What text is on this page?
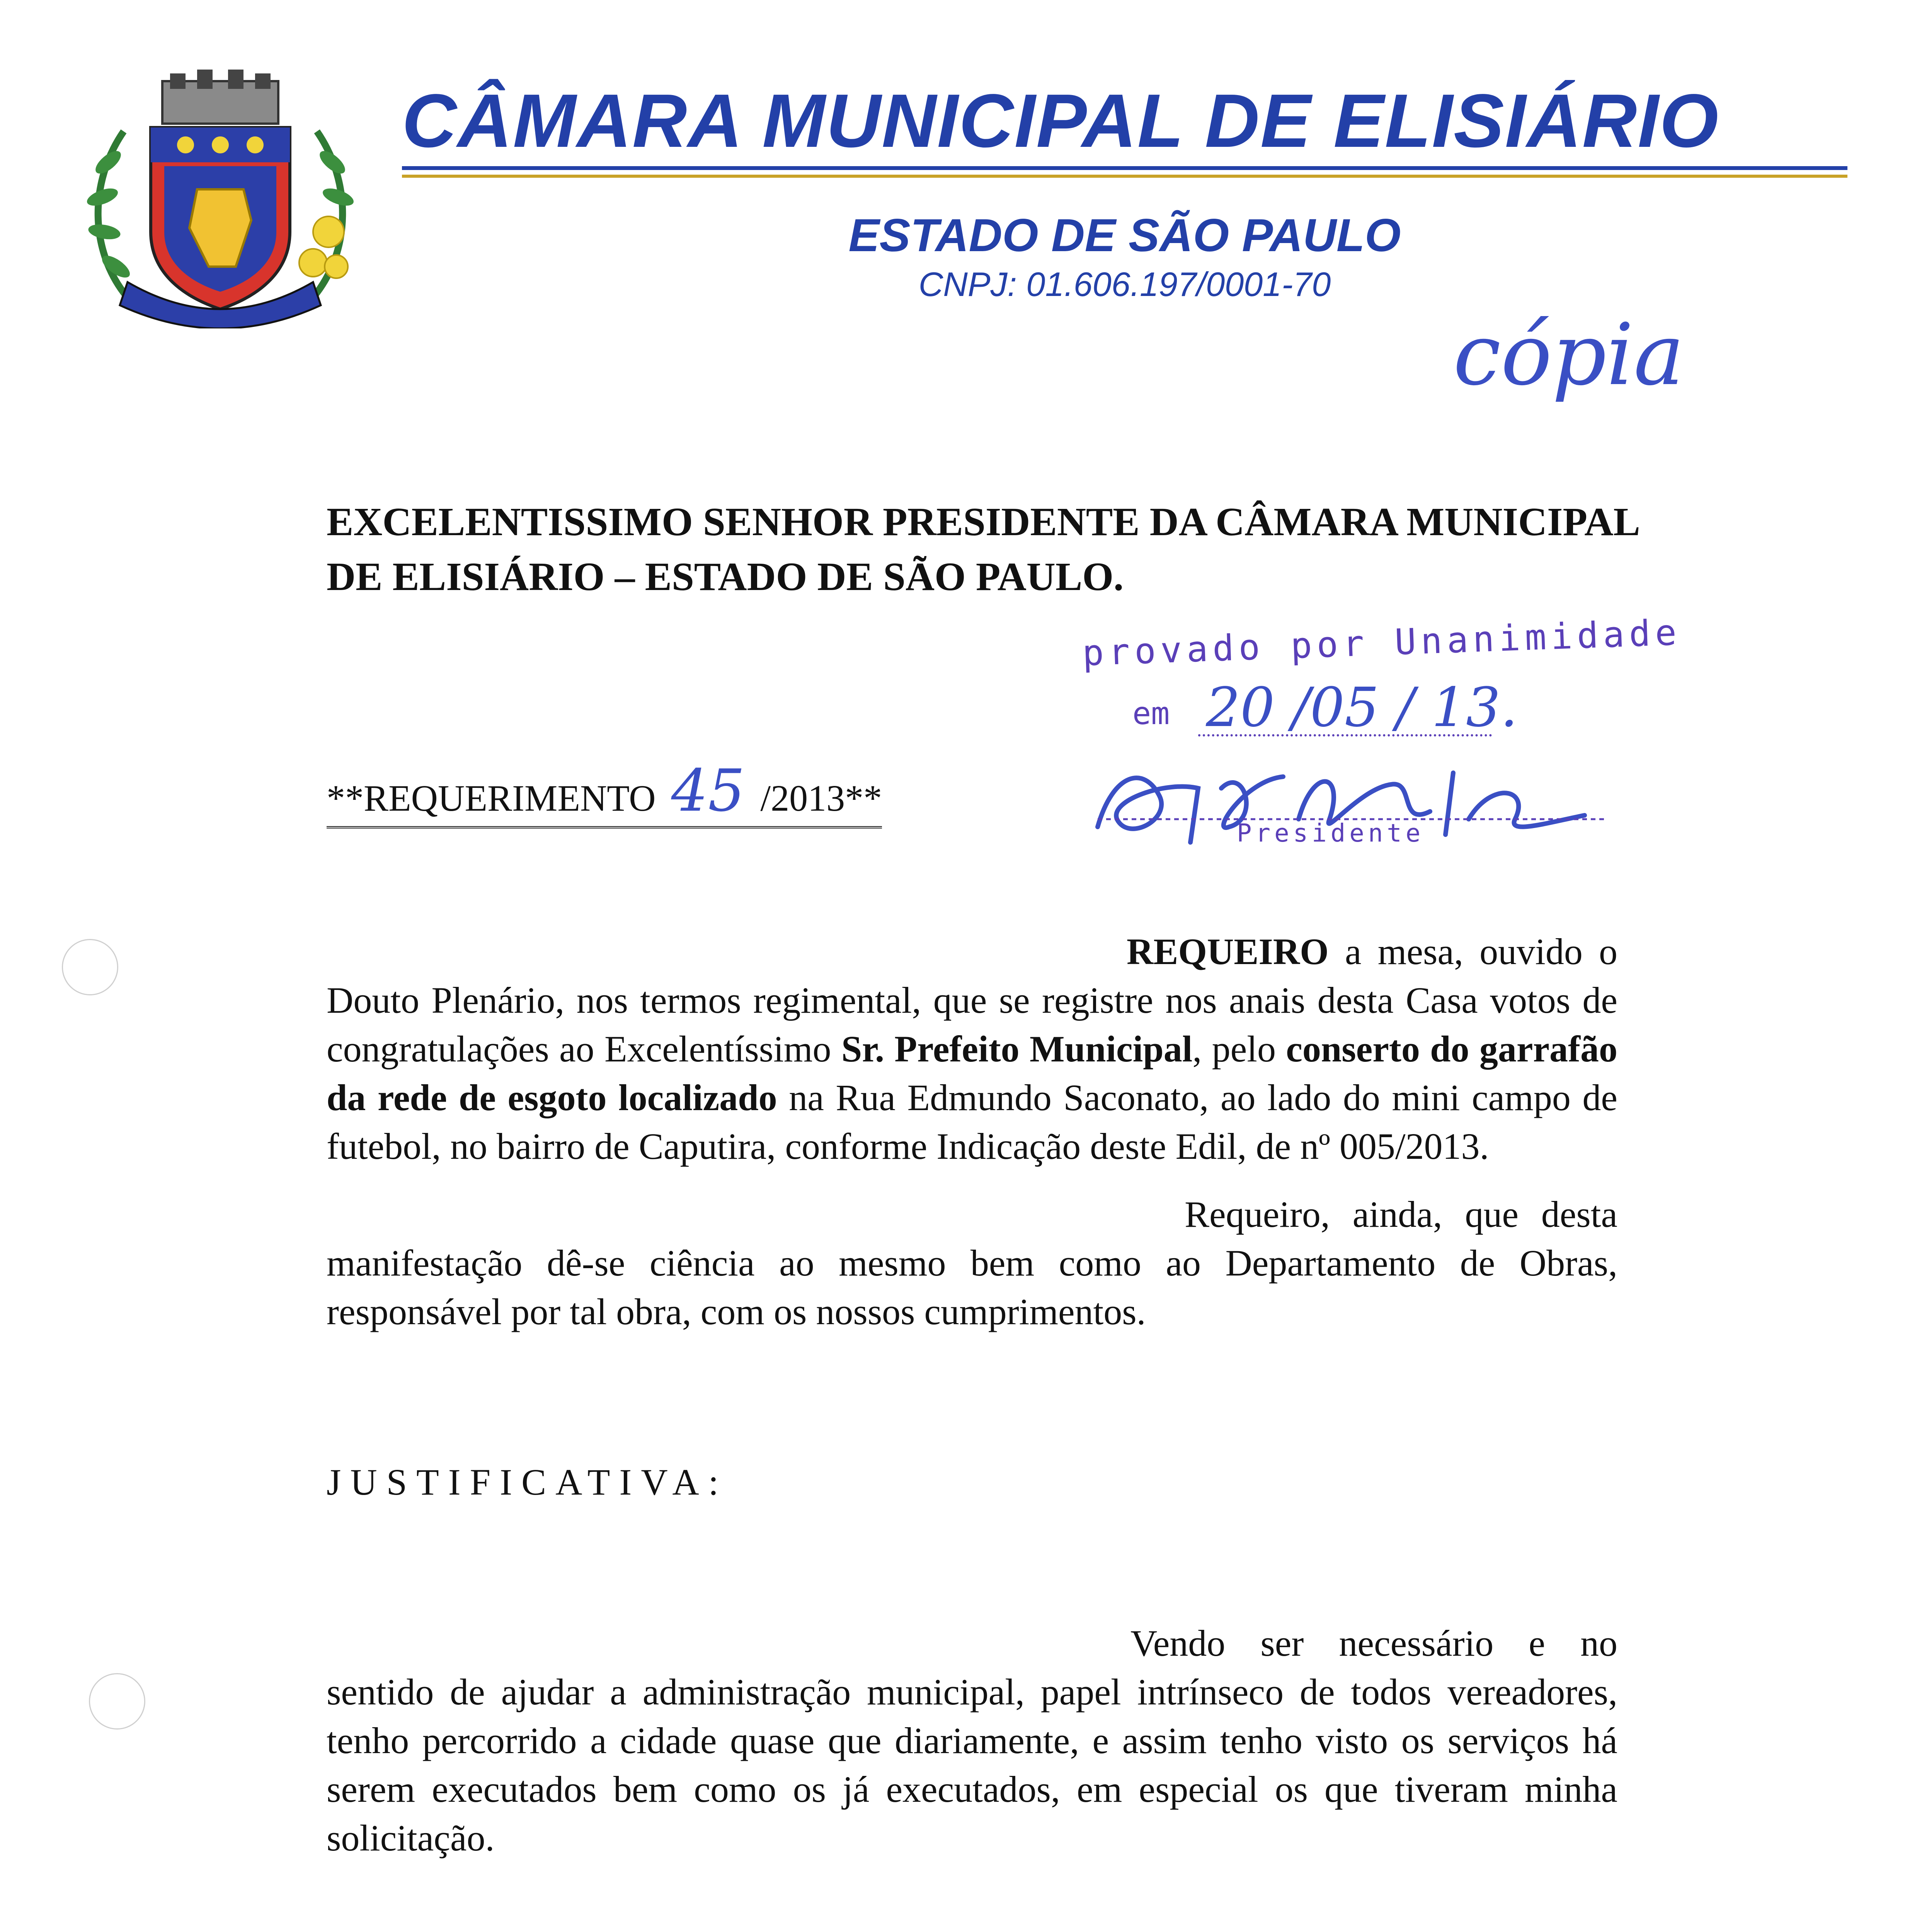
CÂMARA MUNICIPAL DE ELISIÁRIO
ESTADO DE SÃO PAULO
CNPJ: 01.606.197/0001-70
cópia
EXCELENTISSIMO SENHOR PRESIDENTE DA CÂMARA MUNICIPAL DE ELISIÁRIO – ESTADO DE SÃO PAULO.
provado por Unanimidade
em 20 /05 / 13.
Presidente
**REQUERIMENTO 45 /2013**

REQUEIRO a mesa, ouvido o Douto Plenário, nos termos regimental, que se registre nos anais desta Casa votos de congratulações ao Excelentíssimo Sr. Prefeito Municipal, pelo conserto do garrafão da rede de esgoto localizado na Rua Edmundo Saconato, ao lado do mini campo de futebol, no bairro de Caputira, conforme Indicação deste Edil, de nº 005/2013.

Requeiro, ainda, que desta manifestação dê-se ciência ao mesmo bem como ao Departamento de Obras, responsável por tal obra, com os nossos cumprimentos.

JUSTIFICATIVA:

Vendo ser necessário e no sentido de ajudar a administração municipal, papel intrínseco de todos vereadores, tenho percorrido a cidade quase que diariamente, e assim tenho visto os serviços há serem executados bem como os já executados, em especial os que tiveram minha solicitação.
